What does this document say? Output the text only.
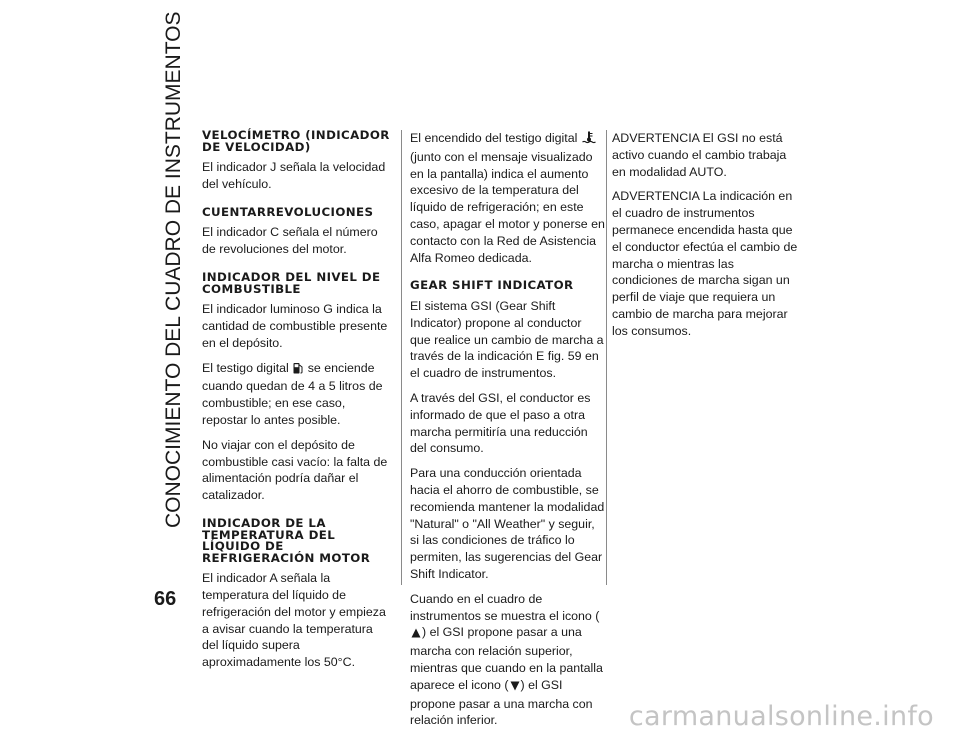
CONOCIMIENTO DEL CUADRO DE INSTRUMENTOS
66
VELOCÍMETRO (INDICADOR DE VELOCIDAD)

El indicador J señala la velocidad del vehículo.

CUENTARREVOLUCIONES

El indicador C señala el número de revoluciones del motor.

INDICADOR DEL NIVEL DE COMBUSTIBLE

El indicador luminoso G indica la cantidad de combustible presente en el depósito.

El testigo digital se enciende cuando quedan de 4 a 5 litros de combustible; en ese caso, repostar lo antes posible.

No viajar con el depósito de combustible casi vacío: la falta de alimentación podría dañar el catalizador.

INDICADOR DE LA TEMPERATURA DEL LÍQUIDO DE REFRIGERACIÓN MOTOR

El indicador A señala la temperatura del líquido de refrigeración del motor y empieza a avisar cuando la temperatura del líquido supera aproximadamente los 50°C.

El encendido del testigo digital  (junto con el mensaje visualizado en la pantalla) indica el aumento excesivo de la temperatura del líquido de refrigeración; en este caso, apagar el motor y ponerse en contacto con la Red de Asistencia Alfa Romeo dedicada.

GEAR SHIFT INDICATOR

El sistema GSI (Gear Shift Indicator) propone al conductor que realice un cambio de marcha a través de la indicación E fig. 59 en el cuadro de instrumentos.

A través del GSI, el conductor es informado de que el paso a otra marcha permitiría una reducción del consumo.

Para una conducción orientada hacia el ahorro de combustible, se recomienda mantener la modalidad "Natural" o "All Weather" y seguir, si las condiciones de tráfico lo permiten, las sugerencias del Gear Shift Indicator.

Cuando en el cuadro de instrumentos se muestra el icono () el GSI propone pasar a una marcha con relación superior, mientras que cuando en la pantalla aparece el icono ( ) el GSI propone pasar a una marcha con relación inferior.

ADVERTENCIA El GSI no está activo cuando el cambio trabaja en modalidad AUTO.

ADVERTENCIA La indicación en el cuadro de instrumentos permanece encendida hasta que el conductor efectúa el cambio de marcha o mientras las condiciones de marcha sigan un perfil de viaje que requiera un cambio de marcha para mejorar los consumos.

carmanualsonline.info
